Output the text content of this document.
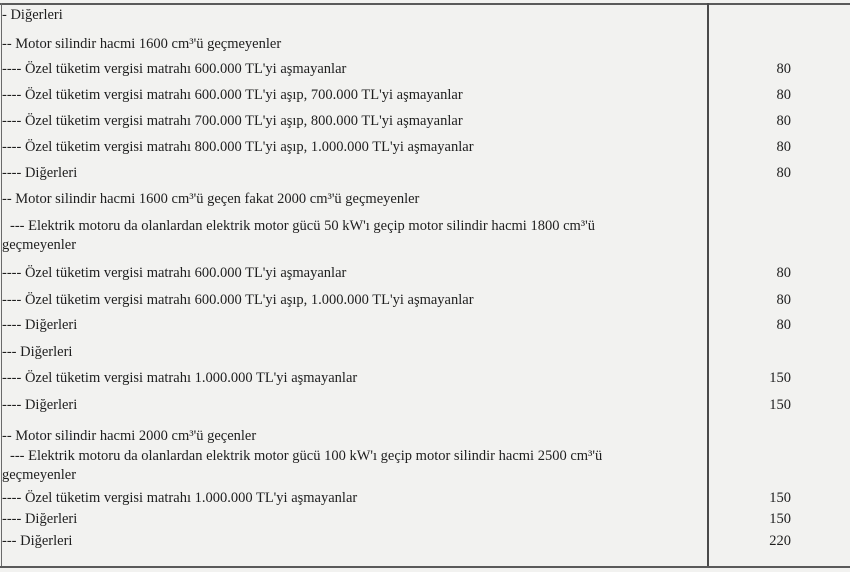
- Diğerleri
-- Motor silindir hacmi 1600 cm³'ü geçmeyenler
---- Özel tüketim vergisi matrahı 600.000 TL'yi aşmayanlar	80
---- Özel tüketim vergisi matrahı 600.000 TL'yi aşıp, 700.000 TL'yi aşmayanlar	80
---- Özel tüketim vergisi matrahı 700.000 TL'yi aşıp, 800.000 TL'yi aşmayanlar	80
---- Özel tüketim vergisi matrahı 800.000 TL'yi aşıp, 1.000.000 TL'yi aşmayanlar	80
---- Diğerleri	80
-- Motor silindir hacmi 1600 cm³'ü geçen fakat 2000 cm³'ü geçmeyenler
--- Elektrik motoru da olanlardan elektrik motor gücü 50 kW'ı geçip motor silindir hacmi 1800 cm³'ü
geçmeyenler
---- Özel tüketim vergisi matrahı 600.000 TL'yi aşmayanlar	80
---- Özel tüketim vergisi matrahı 600.000 TL'yi aşıp, 1.000.000 TL'yi aşmayanlar	80
---- Diğerleri	80
--- Diğerleri
---- Özel tüketim vergisi matrahı 1.000.000 TL'yi aşmayanlar	150
---- Diğerleri	150
-- Motor silindir hacmi 2000 cm³'ü geçenler
--- Elektrik motoru da olanlardan elektrik motor gücü 100 kW'ı geçip motor silindir hacmi 2500 cm³'ü
geçmeyenler
---- Özel tüketim vergisi matrahı 1.000.000 TL'yi aşmayanlar	150
---- Diğerleri	150
--- Diğerleri	220
